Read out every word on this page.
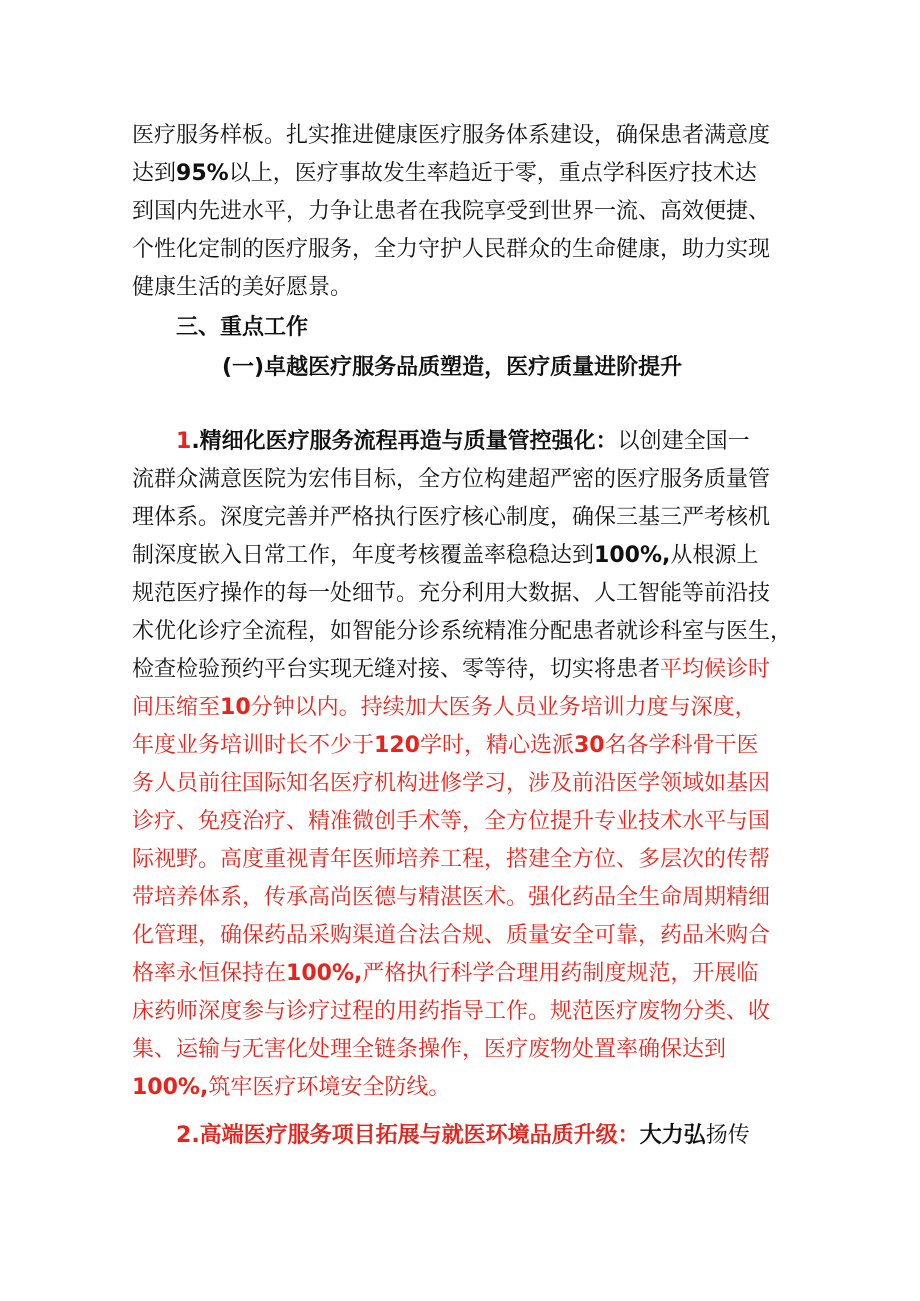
医疗服务样板。扎实推进健康医疗服务体系建设，确保患者满意度
达到95%以上，医疗事故发生率趋近于零，重点学科医疗技术达
到国内先进水平，力争让患者在我院享受到世界一流、高效便捷、
个性化定制的医疗服务，全力守护人民群众的生命健康，助力实现
健康生活的美好愿景。
三、重点工作
(一)卓越医疗服务品质塑造，医疗质量进阶提升
1.精细化医疗服务流程再造与质量管控强化：以创建全国一
流群众满意医院为宏伟目标，全方位构建超严密的医疗服务质量管
理体系。深度完善并严格执行医疗核心制度，确保三基三严考核机
制深度嵌入日常工作，年度考核覆盖率稳稳达到100%,从根源上
规范医疗操作的每一处细节。充分利用大数据、人工智能等前沿技
术优化诊疗全流程，如智能分诊系统精准分配患者就诊科室与医生，
检查检验预约平台实现无缝对接、零等待，切实将患者平均候诊时
间压缩至10分钟以内。持续加大医务人员业务培训力度与深度，
年度业务培训时长不少于120学时，精心选派30名各学科骨干医
务人员前往国际知名医疗机构进修学习，涉及前沿医学领域如基因
诊疗、免疫治疗、精准微创手术等，全方位提升专业技术水平与国
际视野。高度重视青年医师培养工程，搭建全方位、多层次的传帮
带培养体系，传承高尚医德与精湛医术。强化药品全生命周期精细
化管理，确保药品采购渠道合法合规、质量安全可靠，药品米购合
格率永恒保持在100%,严格执行科学合理用药制度规范，开展临
床药师深度参与诊疗过程的用药指导工作。规范医疗废物分类、收
集、运输与无害化处理全链条操作，医疗废物处置率确保达到
100%,筑牢医疗环境安全防线。
2.高端医疗服务项目拓展与就医环境品质升级：大力弘扬传
